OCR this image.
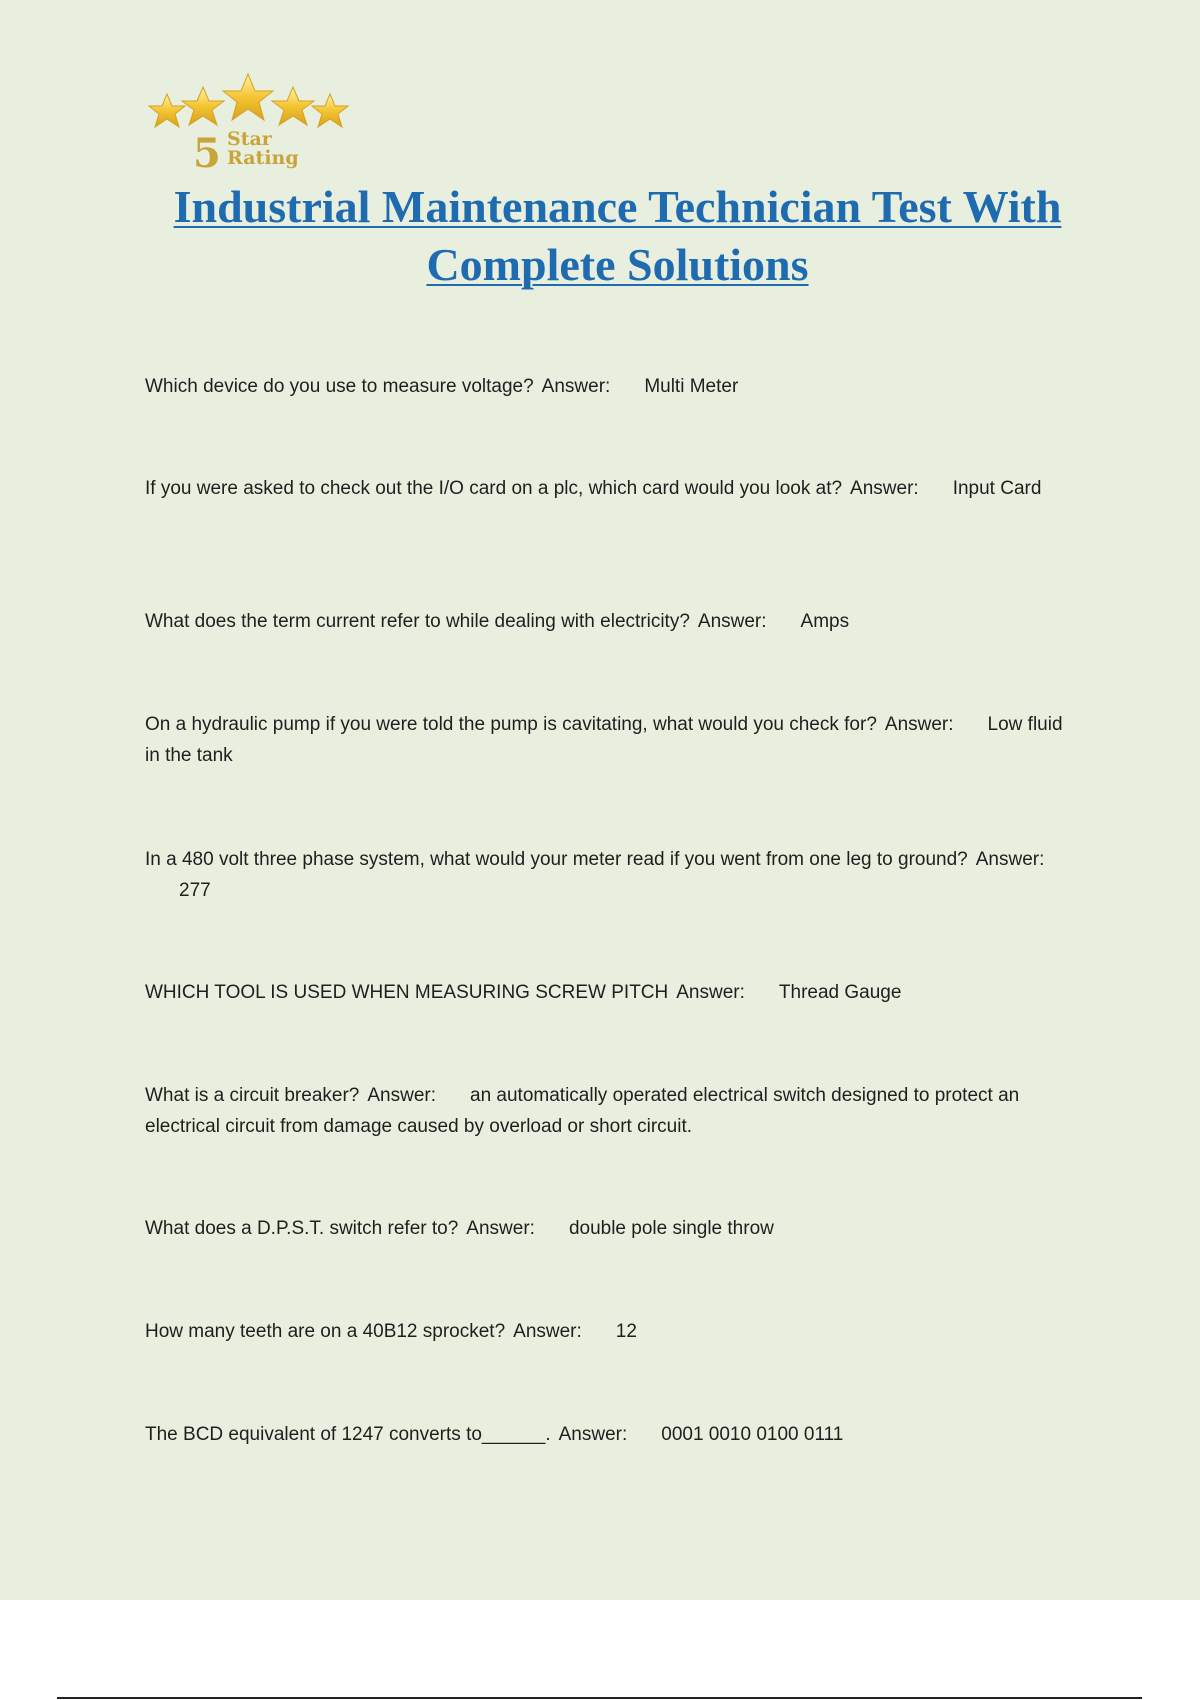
5 Star
Rating
Industrial Maintenance Technician Test With Complete Solutions
Which device do you use to measure voltage? Answer: Multi Meter
If you were asked to check out the I/O card on a plc, which card would you look at? Answer: Input Card
What does the term current refer to while dealing with electricity? Answer: Amps
On a hydraulic pump if you were told the pump is cavitating, what would you check for? Answer: Low fluid in the tank
In a 480 volt three phase system, what would your meter read if you went from one leg to ground? Answer:277
WHICH TOOL IS USED WHEN MEASURING SCREW PITCH Answer: Thread Gauge
What is a circuit breaker? Answer: an automatically operated electrical switch designed to protect an electrical circuit from damage caused by overload or short circuit.
What does a D.P.S.T. switch refer to? Answer: double pole single throw
How many teeth are on a 40B12 sprocket? Answer: 12
The BCD equivalent of 1247 converts to______. Answer: 0001 0010 0100 0111
